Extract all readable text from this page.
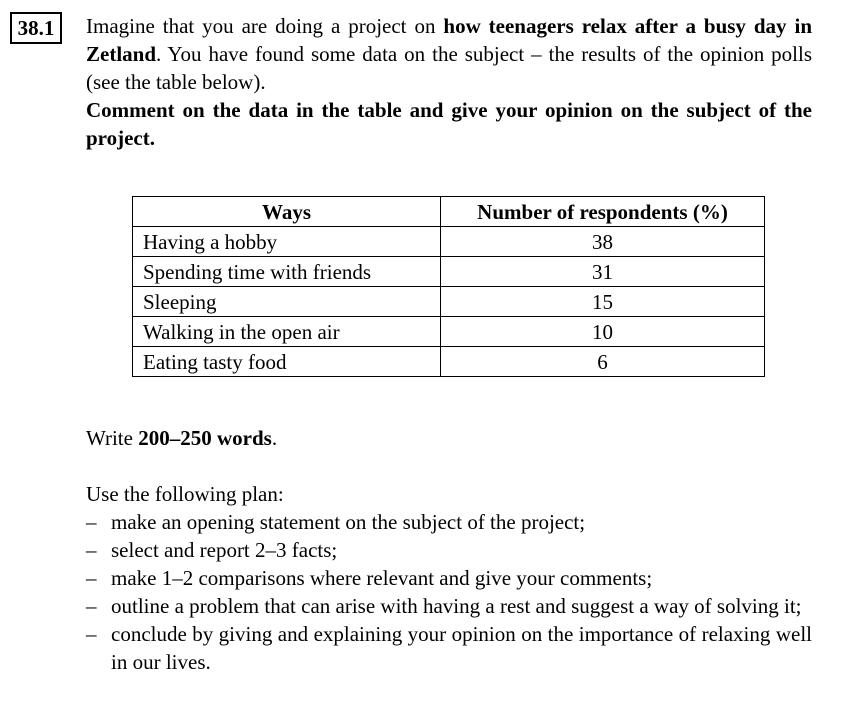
38.1	Imagine that you are doing a project on how teenagers relax after a busy day in Zetland. You have found some data on the subject – the results of the opinion polls (see the table below).

Comment on the data in the table and give your opinion on the subject of the project.

Ways	Number of respondents (%)
Having a hobby	38
Spending time with friends	31
Sleeping	15
Walking in the open air	10
Eating tasty food	6

Write 200–250 words.

Use the following plan:

– make an opening statement on the subject of the project;
– select and report 2–3 facts;
– make 1–2 comparisons where relevant and give your comments;
– outline a problem that can arise with having a rest and suggest a way of solving it;
– conclude by giving and explaining your opinion on the importance of relaxing well in our lives.
